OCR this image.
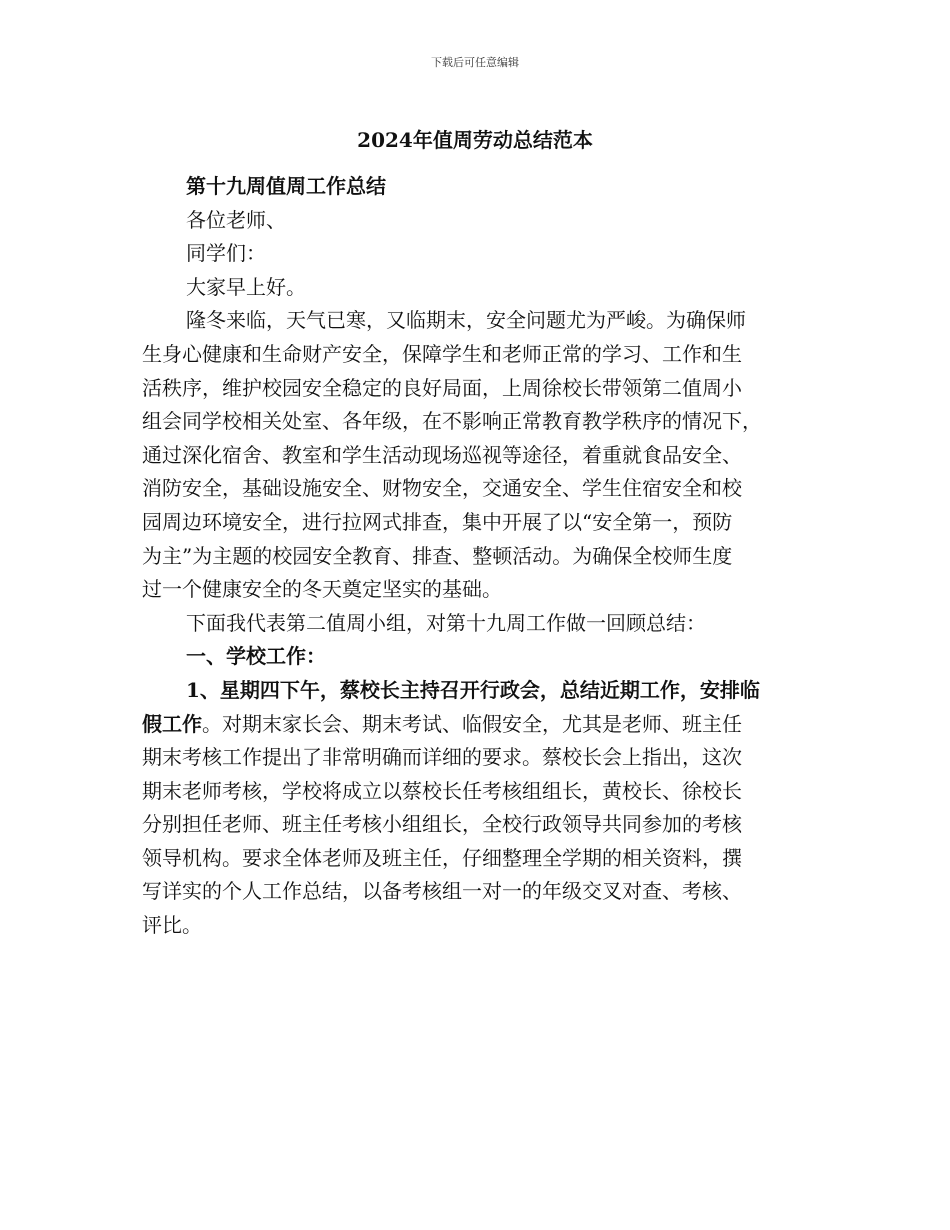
下载后可任意编辑
2024年值周劳动总结范本

第十九周值周工作总结

各位老师、

同学们：

大家早上好。

隆冬来临，天气已寒，又临期末，安全问题尤为严峻。为确保师

生身心健康和生命财产安全，保障学生和老师正常的学习、工作和生

活秩序，维护校园安全稳定的良好局面，上周徐校长带领第二值周小

组会同学校相关处室、各年级，在不影响正常教育教学秩序的情况下，

通过深化宿舍、教室和学生活动现场巡视等途径，着重就食品安全、

消防安全，基础设施安全、财物安全，交通安全、学生住宿安全和校

园周边环境安全，进行拉网式排查，集中开展了以“安全第一，预防

为主”为主题的校园安全教育、排查、整顿活动。为确保全校师生度

过一个健康安全的冬天奠定坚实的基础。

下面我代表第二值周小组，对第十九周工作做一回顾总结：

一、学校工作：

1、星期四下午，蔡校长主持召开行政会，总结近期工作，安排临

假工作。对期末家长会、期末考试、临假安全，尤其是老师、班主任

期末考核工作提出了非常明确而详细的要求。蔡校长会上指出，这次

期末老师考核，学校将成立以蔡校长任考核组组长，黄校长、徐校长

分别担任老师、班主任考核小组组长，全校行政领导共同参加的考核

领导机构。要求全体老师及班主任，仔细整理全学期的相关资料，撰

写详实的个人工作总结，以备考核组一对一的年级交叉对查、考核、

评比。
